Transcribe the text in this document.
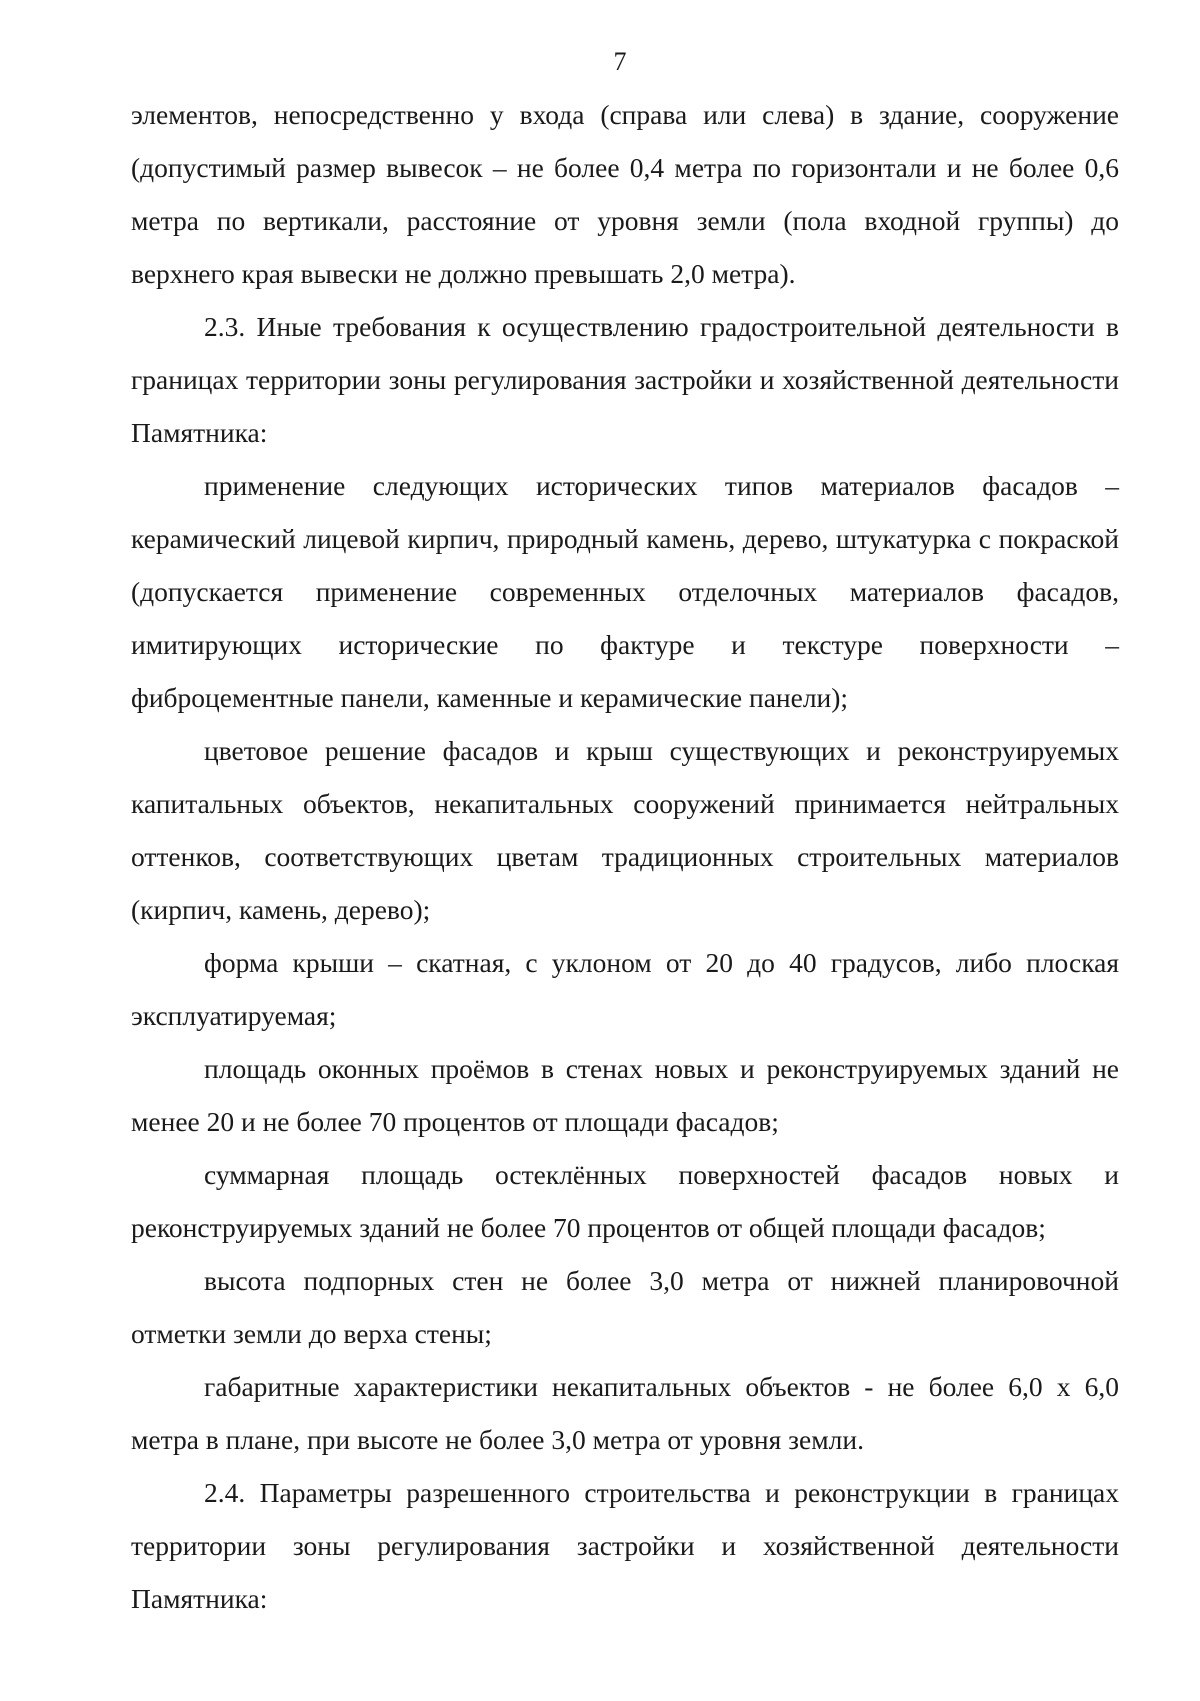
7

элементов, непосредственно у входа (справа или слева) в здание, сооружение (допустимый размер вывесок – не более 0,4 метра по горизонтали и не более 0,6 метра по вертикали, расстояние от уровня земли (пола входной группы) до верхнего края вывески не должно превышать 2,0 метра).

2.3. Иные требования к осуществлению градостроительной деятельности в границах территории зоны регулирования застройки и хозяйственной деятельности Памятника:

применение следующих исторических типов материалов фасадов – керамический лицевой кирпич, природный камень, дерево, штукатурка с покраской (допускается применение современных отделочных материалов фасадов, имитирующих исторические по фактуре и текстуре поверхности – фиброцементные панели, каменные и керамические панели);

цветовое решение фасадов и крыш существующих и реконструируемых капитальных объектов, некапитальных сооружений принимается нейтральных оттенков, соответствующих цветам традиционных строительных материалов (кирпич, камень, дерево);

форма крыши – скатная, с уклоном от 20 до 40 градусов, либо плоская эксплуатируемая;

площадь оконных проёмов в стенах новых и реконструируемых зданий не менее 20 и не более 70 процентов от площади фасадов;

суммарная площадь остеклённых поверхностей фасадов новых и реконструируемых зданий не более 70 процентов от общей площади фасадов;

высота подпорных стен не более 3,0 метра от нижней планировочной отметки земли до верха стены;

габаритные характеристики некапитальных объектов - не более 6,0 х 6,0 метра в плане, при высоте не более 3,0 метра от уровня земли.

2.4. Параметры разрешенного строительства и реконструкции в границах территории зоны регулирования застройки и хозяйственной деятельности Памятника:
